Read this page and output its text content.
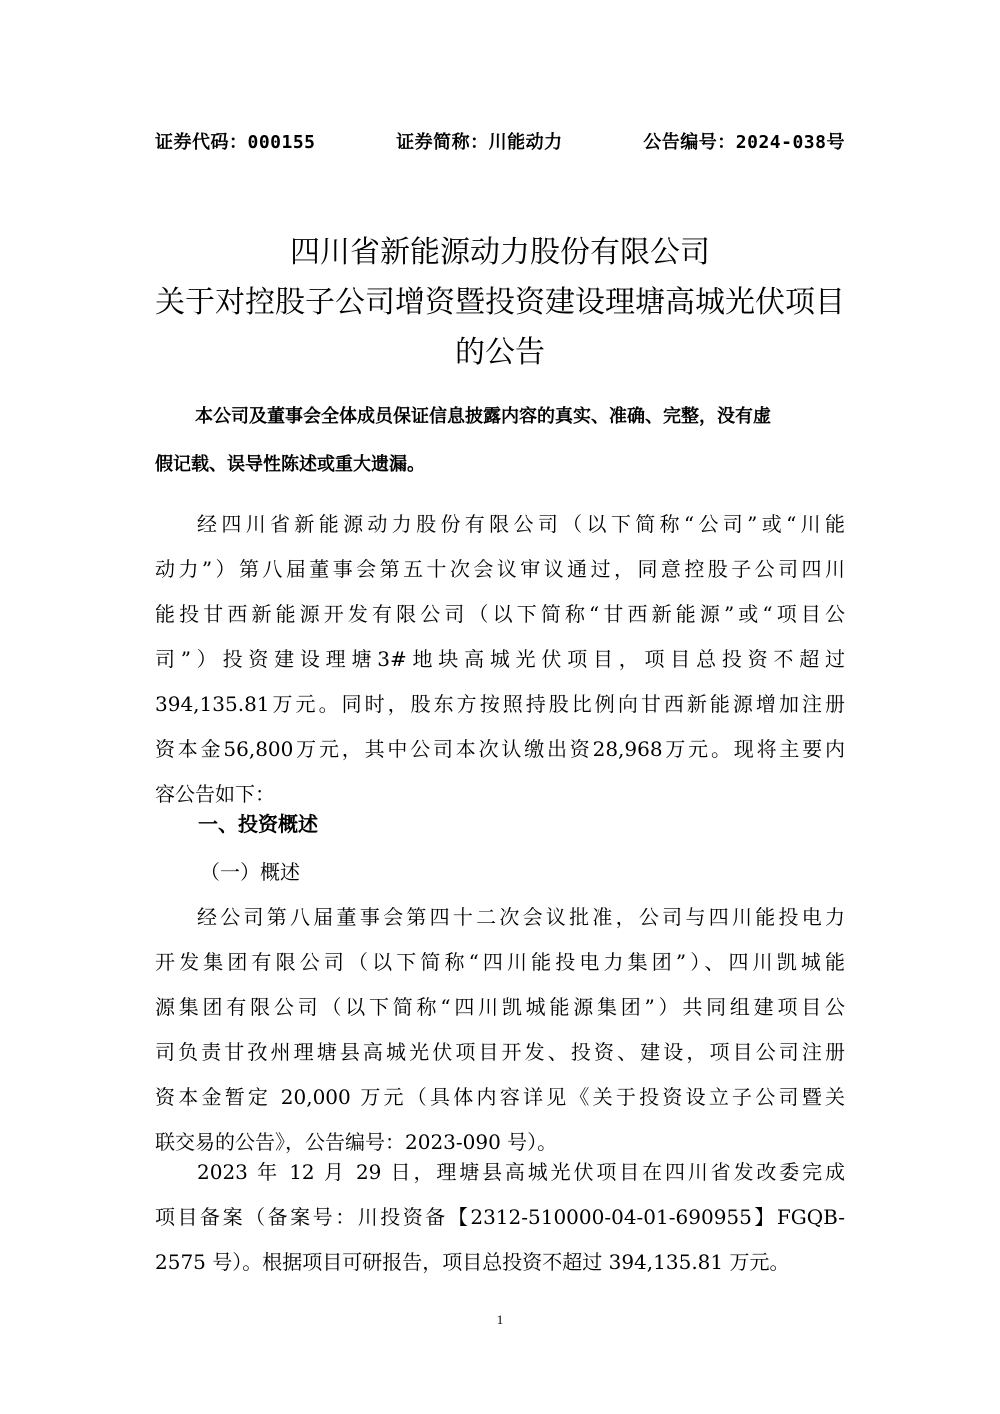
证券代码：000155	证券简称：川能动力	公告编号：2024-038号
四川省新能源动力股份有限公司
关于对控股子公司增资暨投资建设理塘高城光伏项目
的公告
本公司及董事会全体成员保证信息披露内容的真实、准确、完整，没有虚
假记载、误导性陈述或重大遗漏。
经四川省新能源动力股份有限公司（以下简称“公司”或“川能
动力”）第八届董事会第五十次会议审议通过，同意控股子公司四川
能投甘西新能源开发有限公司（以下简称“甘西新能源”或“项目公
司”）投资建设理塘3#地块高城光伏项目，项目总投资不超过
394,135.81万元。同时，股东方按照持股比例向甘西新能源增加注册
资本金56,800万元，其中公司本次认缴出资28,968万元。现将主要内
容公告如下：
一、投资概述
（一）概述
经公司第八届董事会第四十二次会议批准，公司与四川能投电力
开发集团有限公司（以下简称“四川能投电力集团”）、四川凯城能
源集团有限公司（以下简称“四川凯城能源集团”）共同组建项目公
司负责甘孜州理塘县高城光伏项目开发、投资、建设，项目公司注册
资本金暂定 20,000 万元（具体内容详见《关于投资设立子公司暨关
联交易的公告》，公告编号：2023-090 号）。
2023 年 12 月 29 日，理塘县高城光伏项目在四川省发改委完成
项目备案（备案号：川投资备【2312-510000-04-01-690955】FGQB-
2575 号）。根据项目可研报告，项目总投资不超过 394,135.81 万元。
1
